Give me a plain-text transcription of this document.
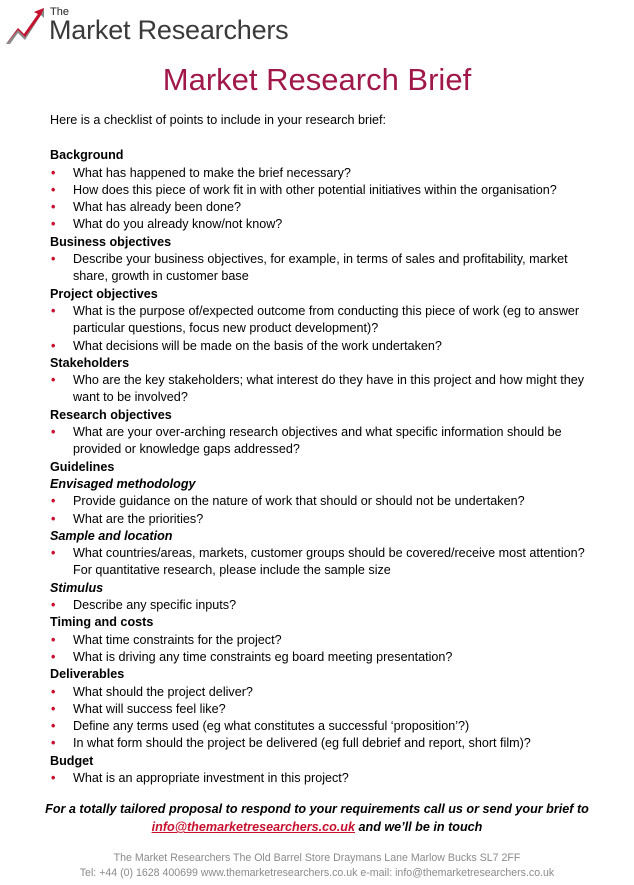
The
Market Researchers
Market Research Brief

Here is a checklist of points to include in your research brief:

Background
• What has happened to make the brief necessary?
• How does this piece of work fit in with other potential initiatives within the organisation?
• What has already been done?
• What do you already know/not know?
Business objectives
• Describe your business objectives, for example, in terms of sales and profitability, market share, growth in customer base
Project objectives
• What is the purpose of/expected outcome from conducting this piece of work (eg to answer particular questions, focus new product development)?
• What decisions will be made on the basis of the work undertaken?
Stakeholders
• Who are the key stakeholders; what interest do they have in this project and how might they want to be involved?
Research objectives
• What are your over-arching research objectives and what specific information should be provided or knowledge gaps addressed?
Guidelines
Envisaged methodology
• Provide guidance on the nature of work that should or should not be undertaken?
• What are the priorities?
Sample and location
• What countries/areas, markets, customer groups should be covered/receive most attention? For quantitative research, please include the sample size
Stimulus
• Describe any specific inputs?
Timing and costs
• What time constraints for the project?
• What is driving any time constraints eg board meeting presentation?
Deliverables
• What should the project deliver?
• What will success feel like?
• Define any terms used (eg what constitutes a successful ‘proposition’?)
• In what form should the project be delivered (eg full debrief and report, short film)?
Budget
• What is an appropriate investment in this project?
For a totally tailored proposal to respond to your requirements call us or send your brief to
info@themarketresearchers.co.uk and we’ll be in touch
The Market Researchers The Old Barrel Store Draymans Lane Marlow Bucks SL7 2FF
Tel: +44 (0) 1628 400699 www.themarketresearchers.co.uk e-mail: info@themarketresearchers.co.uk
